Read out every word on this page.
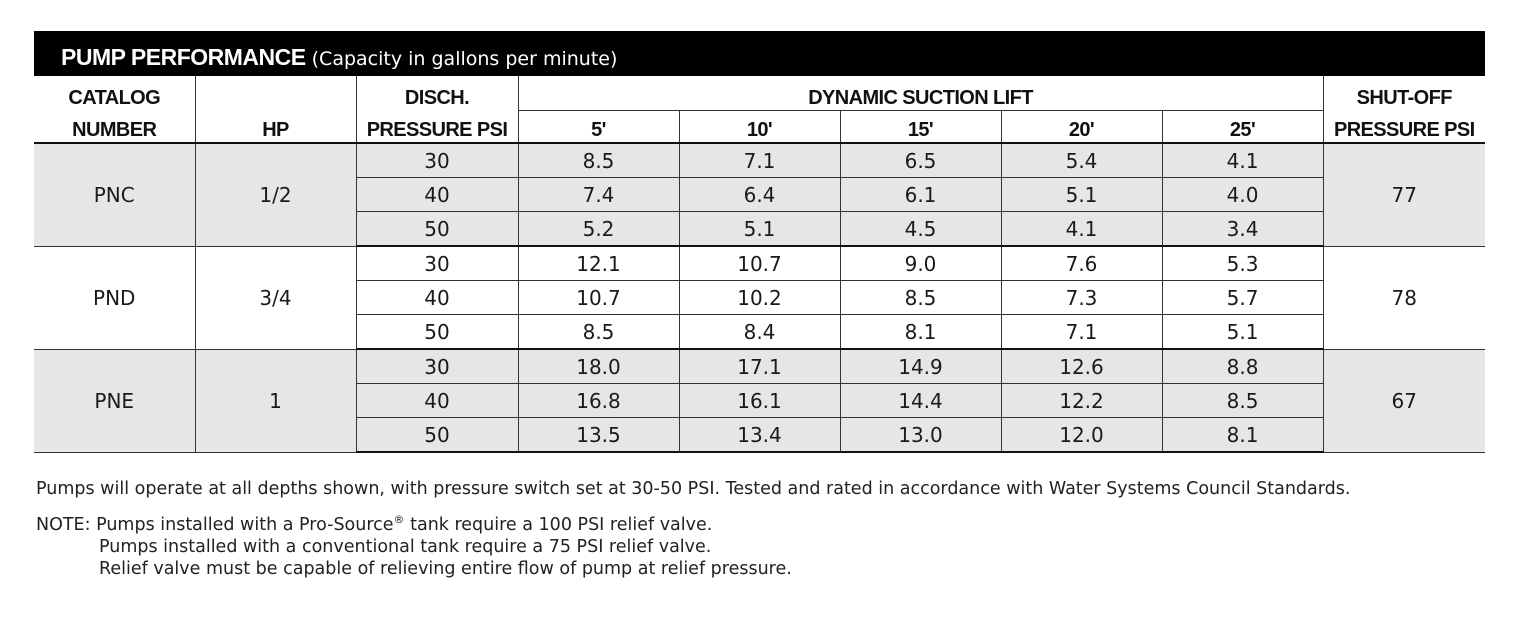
PUMP PERFORMANCE (Capacity in gallons per minute)
CATALOG		DISCH.	DYNAMIC SUCTION LIFT					SHUT-OFF
NUMBER	HP	PRESSURE PSI	5'	10'	15'	20'	25'	PRESSURE PSI
PNC	1/2	30	8.5	7.1	6.5	5.4	4.1	77
		40	7.4	6.4	6.1	5.1	4.0	
		50	5.2	5.1	4.5	4.1	3.4	
PND	3/4	30	12.1	10.7	9.0	7.6	5.3	78
		40	10.7	10.2	8.5	7.3	5.7	
		50	8.5	8.4	8.1	7.1	5.1	
PNE	1	30	18.0	17.1	14.9	12.6	8.8	67
		40	16.8	16.1	14.4	12.2	8.5	
		50	13.5	13.4	13.0	12.0	8.1	

Pumps will operate at all depths shown, with pressure switch set at 30-50 PSI. Tested and rated in accordance with Water Systems Council Standards.

NOTE: Pumps installed with a Pro-Source® tank require a 100 PSI relief valve.

Pumps installed with a conventional tank require a 75 PSI relief valve.

Relief valve must be capable of relieving entire flow of pump at relief pressure.
